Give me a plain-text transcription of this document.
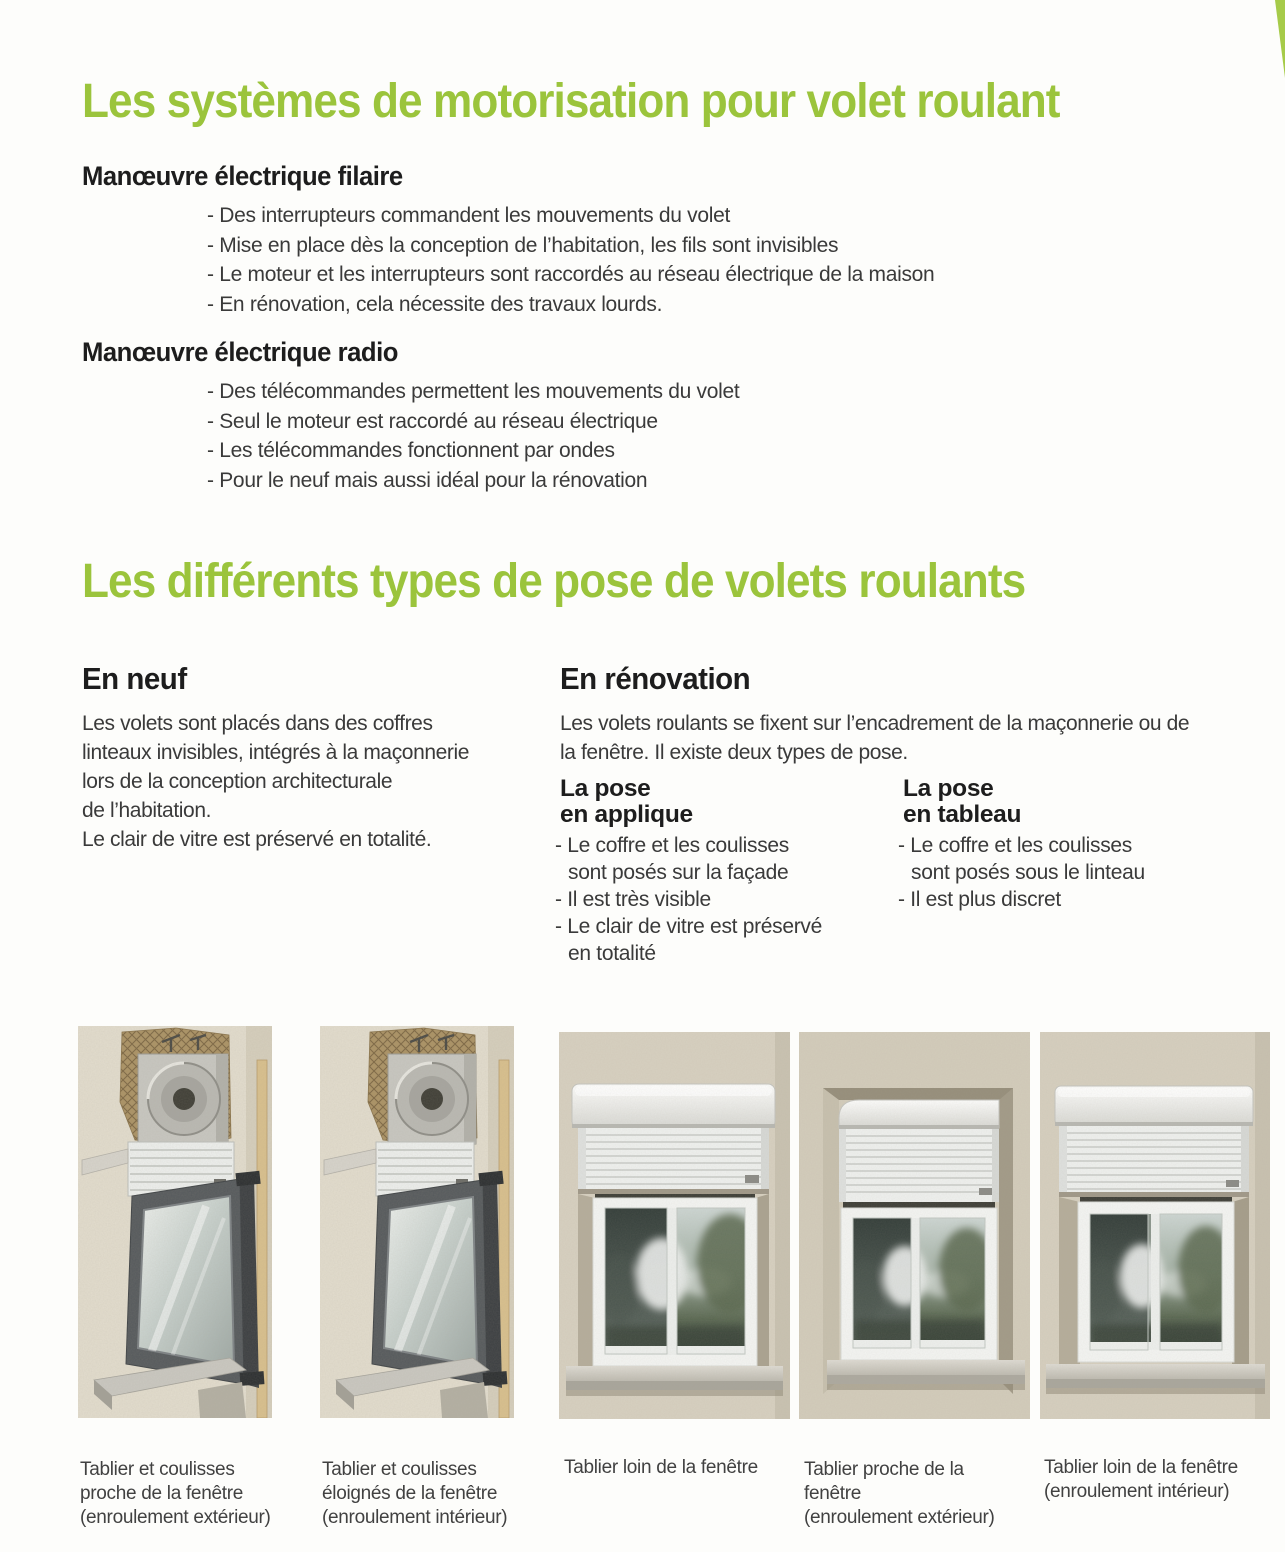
Les systèmes de motorisation pour volet roulant
Manœuvre électrique filaire
- Des interrupteurs commandent les mouvements du volet
- Mise en place dès la conception de l’habitation, les fils sont invisibles
- Le moteur et les interrupteurs sont raccordés au réseau électrique de la maison
- En rénovation, cela nécessite des travaux lourds.
Manœuvre électrique radio
- Des télécommandes permettent les mouvements du volet
- Seul le moteur est raccordé au réseau électrique
- Les télécommandes fonctionnent par ondes
- Pour le neuf mais aussi idéal pour la rénovation
Les différents types de pose de volets roulants
En neuf
Les volets sont placés dans des coffres
linteaux invisibles, intégrés à la maçonnerie
lors de la conception architecturale
de l’habitation.
Le clair de vitre est préservé en totalité.
En rénovation
Les volets roulants se fixent sur l’encadrement de la maçonnerie ou de
la fenêtre. Il existe deux types de pose.
La pose
en applique
- Le coffre et les coulisses
sont posés sur la façade
- Il est très visible
- Le clair de vitre est préservé
en totalité
La pose
en tableau
- Le coffre et les coulisses
sont posés sous le linteau
- Il est plus discret
Tablier et coulisses
proche de la fenêtre
(enroulement extérieur)
Tablier et coulisses
éloignés de la fenêtre
(enroulement intérieur)
Tablier loin de la fenêtre Tablier proche de la
fenêtre
(enroulement extérieur)
Tablier loin de la fenêtre
(enroulement intérieur)
